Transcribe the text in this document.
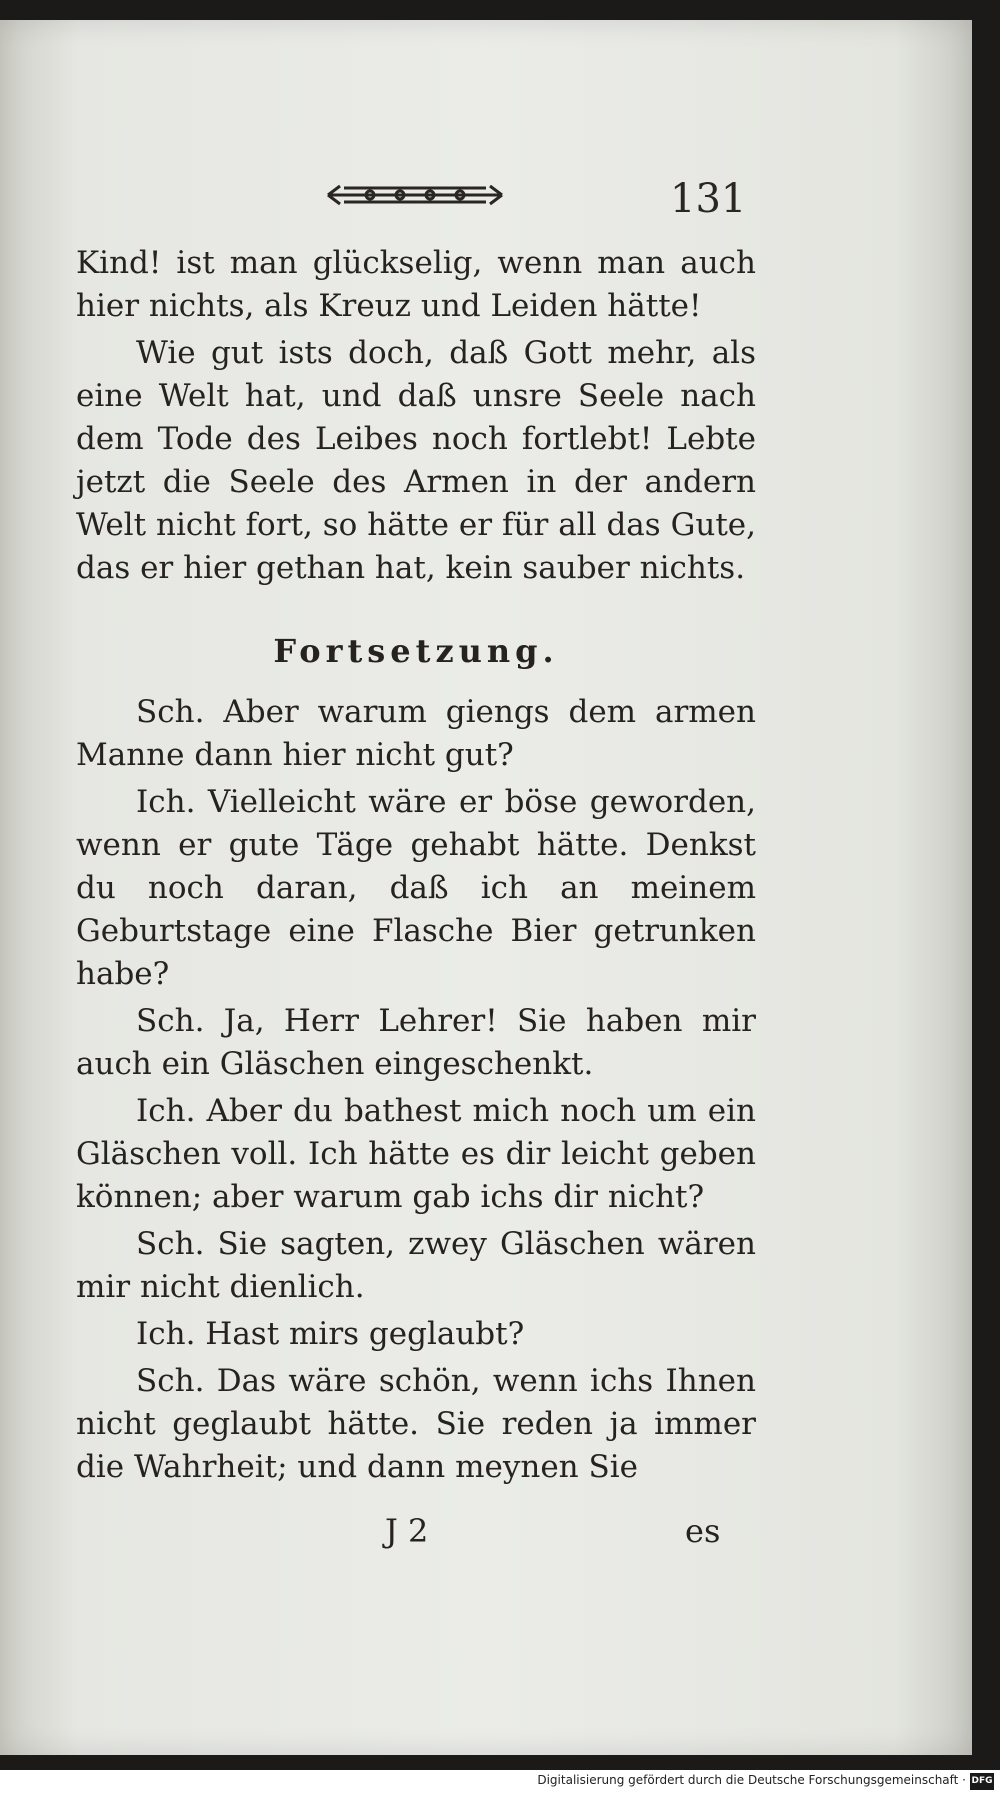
131

Kind! ist man glückselig, wenn man auch hier nichts, als Kreuz und Leiden hätte!

Wie gut ists doch, daß Gott mehr, als eine Welt hat, und daß unsre Seele nach dem Tode des Leibes noch fortlebt! Lebte jetzt die Seele des Armen in der andern Welt nicht fort, so hätte er für all das Gute, das er hier gethan hat, kein sauber nichts.

Fortsetzung.

Sch. Aber warum giengs dem armen Manne dann hier nicht gut?

Ich. Vielleicht wäre er böse geworden, wenn er gute Täge gehabt hätte. Denkst du noch daran, daß ich an meinem Geburtstage eine Flasche Bier getrunken habe?

Sch. Ja, Herr Lehrer! Sie haben mir auch ein Gläschen eingeschenkt.

Ich. Aber du bathest mich noch um ein Gläschen voll. Ich hätte es dir leicht geben können; aber warum gab ichs dir nicht?

Sch. Sie sagten, zwey Gläschen wären mir nicht dienlich.

Ich. Hast mirs geglaubt?

Sch. Das wäre schön, wenn ichs Ihnen nicht geglaubt hätte. Sie reden ja immer die Wahrheit; und dann meynen Sie

J 2	es
Digitalisierung gefördert durch die Deutsche Forschungsgemeinschaft · DFG
